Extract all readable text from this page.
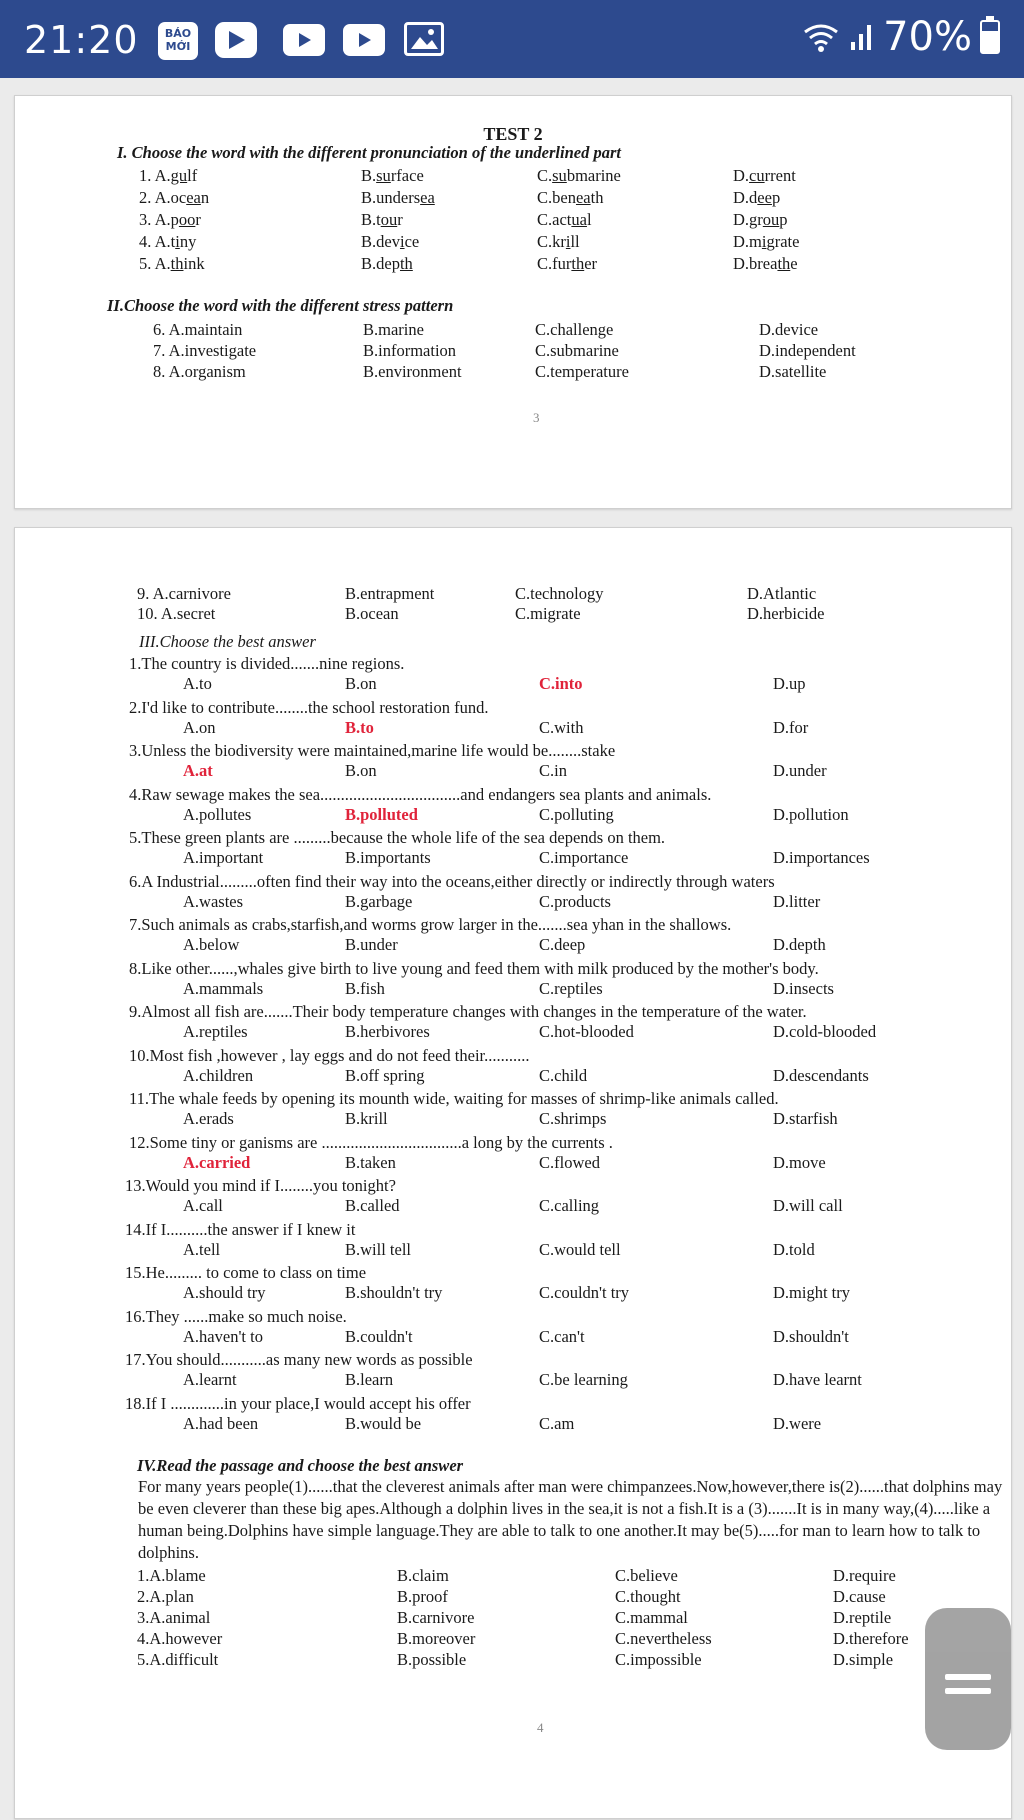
21:20	BÁO MỚI	70%
TEST 2
I. Choose the word with the different pronunciation of the underlined part
1. A.gulf	B.surface	C.submarine	D.current
2. A.ocean	B.undersea	C.beneath	D.deep
3. A.poor	B.tour	C.actual	D.group
4. A.tiny	B.device	C.krill	D.migrate
5. A.think	B.depth	C.further	D.breathe
II.Choose the word with the different stress pattern
6. A.maintain	B.marine	C.challenge	D.device
7. A.investigate	B.information	C.submarine	D.independent
8. A.organism	B.environment	C.temperature	D.satellite
3
9. A.carnivore	B.entrapment	C.technology	D.Atlantic
10. A.secret	B.ocean	C.migrate	D.herbicide
III.Choose the best answer
1.The country is divided.......nine regions.
A.to	B.on	C.into	D.up
2.I'd like to contribute........the school restoration fund.
A.on	B.to	C.with	D.for
3.Unless the biodiversity were maintained,marine life would be........stake
A.at	B.on	C.in	D.under
4.Raw sewage makes the sea..................................and endangers sea plants and animals.
A.pollutes	B.polluted	C.polluting	D.pollution
5.These green plants are .........because the whole life of the sea depends on them.
A.important	B.importants	C.importance	D.importances
6.A Industrial.........often find their way into the oceans,either directly or indirectly through waters
A.wastes	B.garbage	C.products	D.litter
7.Such animals as crabs,starfish,and worms grow larger in the.......sea yhan in the shallows.
A.below	B.under	C.deep	D.depth
8.Like other......,whales give birth to live young and feed them with milk produced by the mother's body.
A.mammals	B.fish	C.reptiles	D.insects
9.Almost all fish are.......Their body temperature changes with changes in the temperature of the water.
A.reptiles	B.herbivores	C.hot-blooded	D.cold-blooded
10.Most fish ,however , lay eggs and do not feed their...........
A.children	B.off spring	C.child	D.descendants
11.The whale feeds by opening its mounth wide, waiting for masses of shrimp-like animals called.
A.erads	B.krill	C.shrimps	D.starfish
12.Some tiny or ganisms are ..................................a long by the currents .
A.carried	B.taken	C.flowed	D.move
13.Would you mind if I........you tonight?
A.call	B.called	C.calling	D.will call
14.If I..........the answer if I knew it
A.tell	B.will tell	C.would tell	D.told
15.He......... to come to class on time
A.should try	B.shouldn't try	C.couldn't try	D.might try
16.They ......make so much noise.
A.haven't to	B.couldn't	C.can't	D.shouldn't
17.You should...........as many new words as possible
A.learnt	B.learn	C.be learning	D.have learnt
18.If I .............in your place,I would accept his offer
A.had been	B.would be	C.am	D.were
IV.Read the passage and choose the best answer
For many years people(1)......that the cleverest animals after man were chimpanzees.Now,however,there is(2)......that dolphins may be even cleverer than these big apes.Although a dolphin lives in the sea,it is not a fish.It is a (3).......It is in many way,(4).....like a human being.Dolphins have simple language.They are able to talk to one another.It may be(5).....for man to learn how to talk to dolphins.
1.A.blame	B.claim	C.believe	D.require
2.A.plan	B.proof	C.thought	D.cause
3.A.animal	B.carnivore	C.mammal	D.reptile
4.A.however	B.moreover	C.nevertheless	D.therefore
5.A.difficult	B.possible	C.impossible	D.simple
4
